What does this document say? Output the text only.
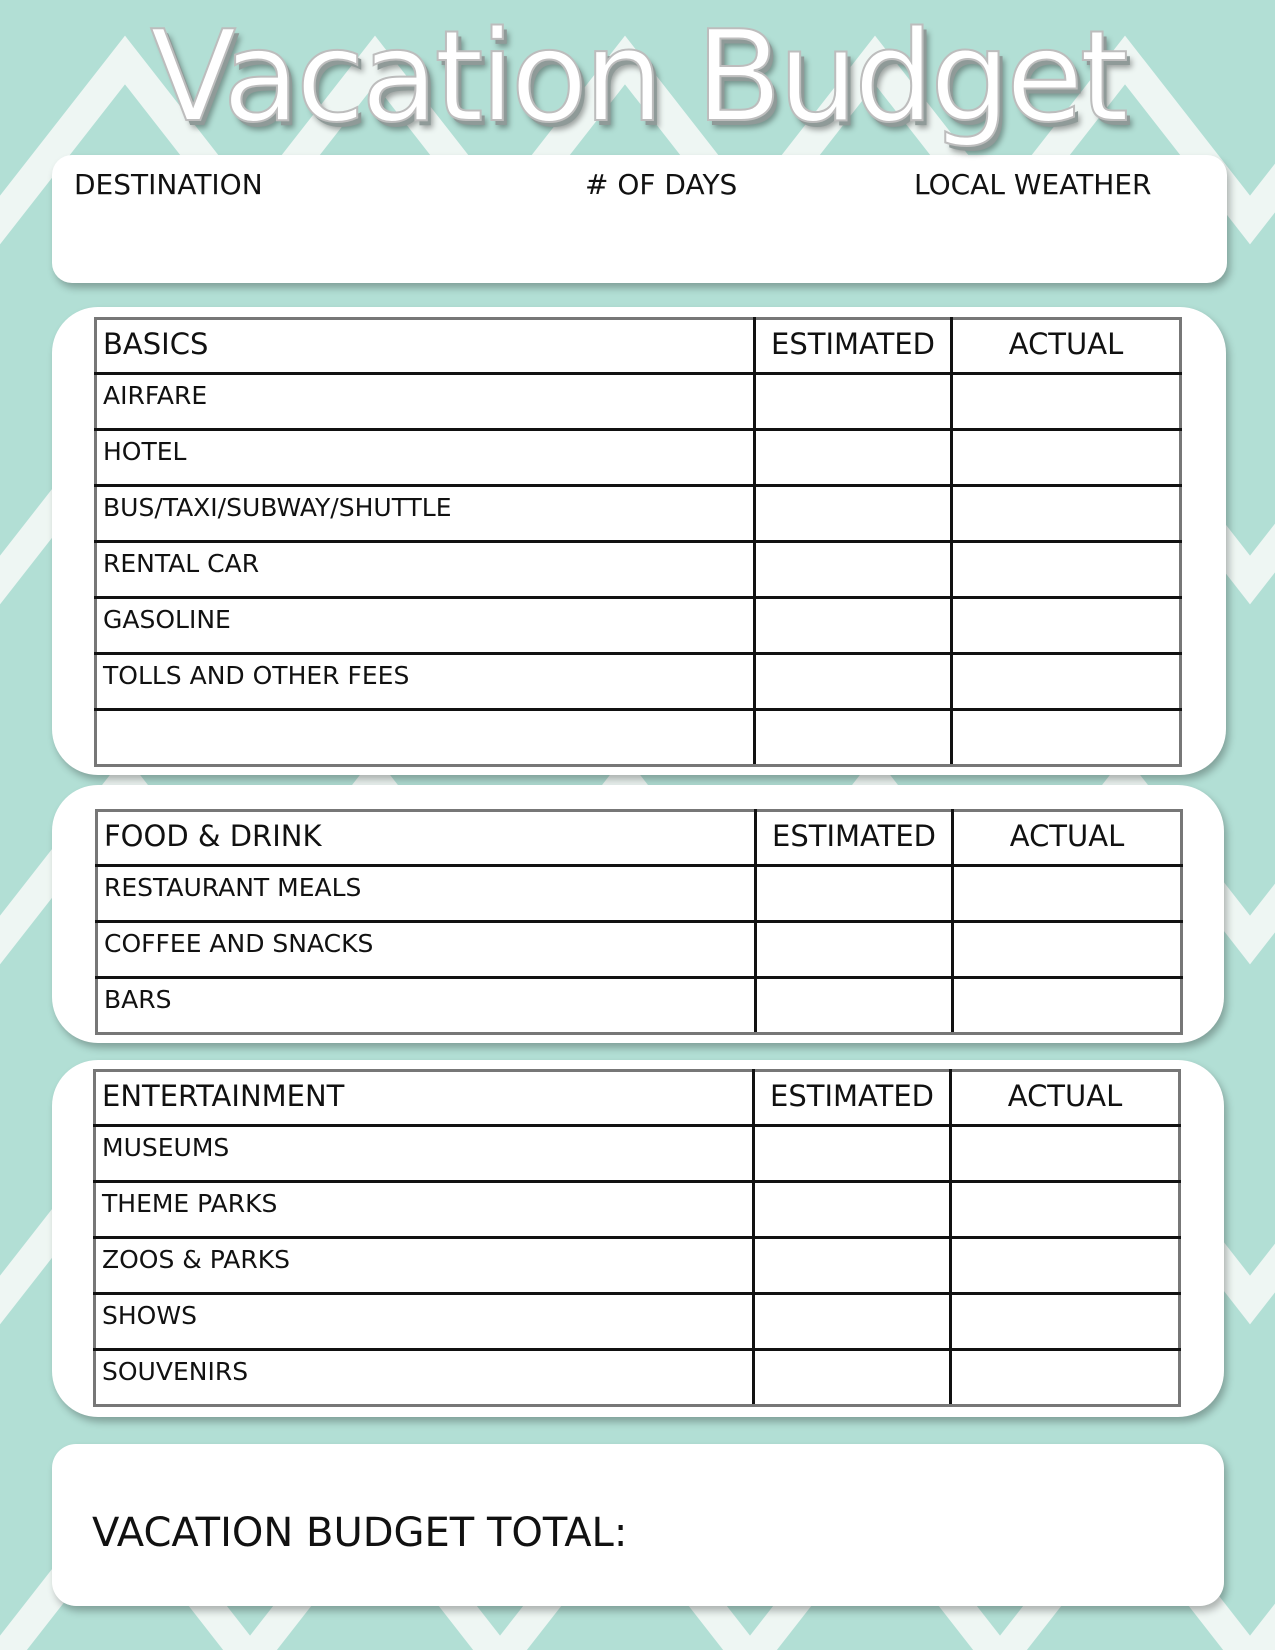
Vacation Budget
DESTINATION	# OF DAYS	LOCAL WEATHER
BASICS	ESTIMATED	ACTUAL
AIRFARE		
HOTEL		
BUS/TAXI/SUBWAY/SHUTTLE		
RENTAL CAR		
GASOLINE		
TOLLS AND OTHER FEES		

FOOD & DRINK	ESTIMATED	ACTUAL
RESTAURANT MEALS		
COFFEE AND SNACKS		
BARS		
ENTERTAINMENT	ESTIMATED	ACTUAL
MUSEUMS		
THEME PARKS		
ZOOS & PARKS		
SHOWS		
SOUVENIRS		
VACATION BUDGET TOTAL:
